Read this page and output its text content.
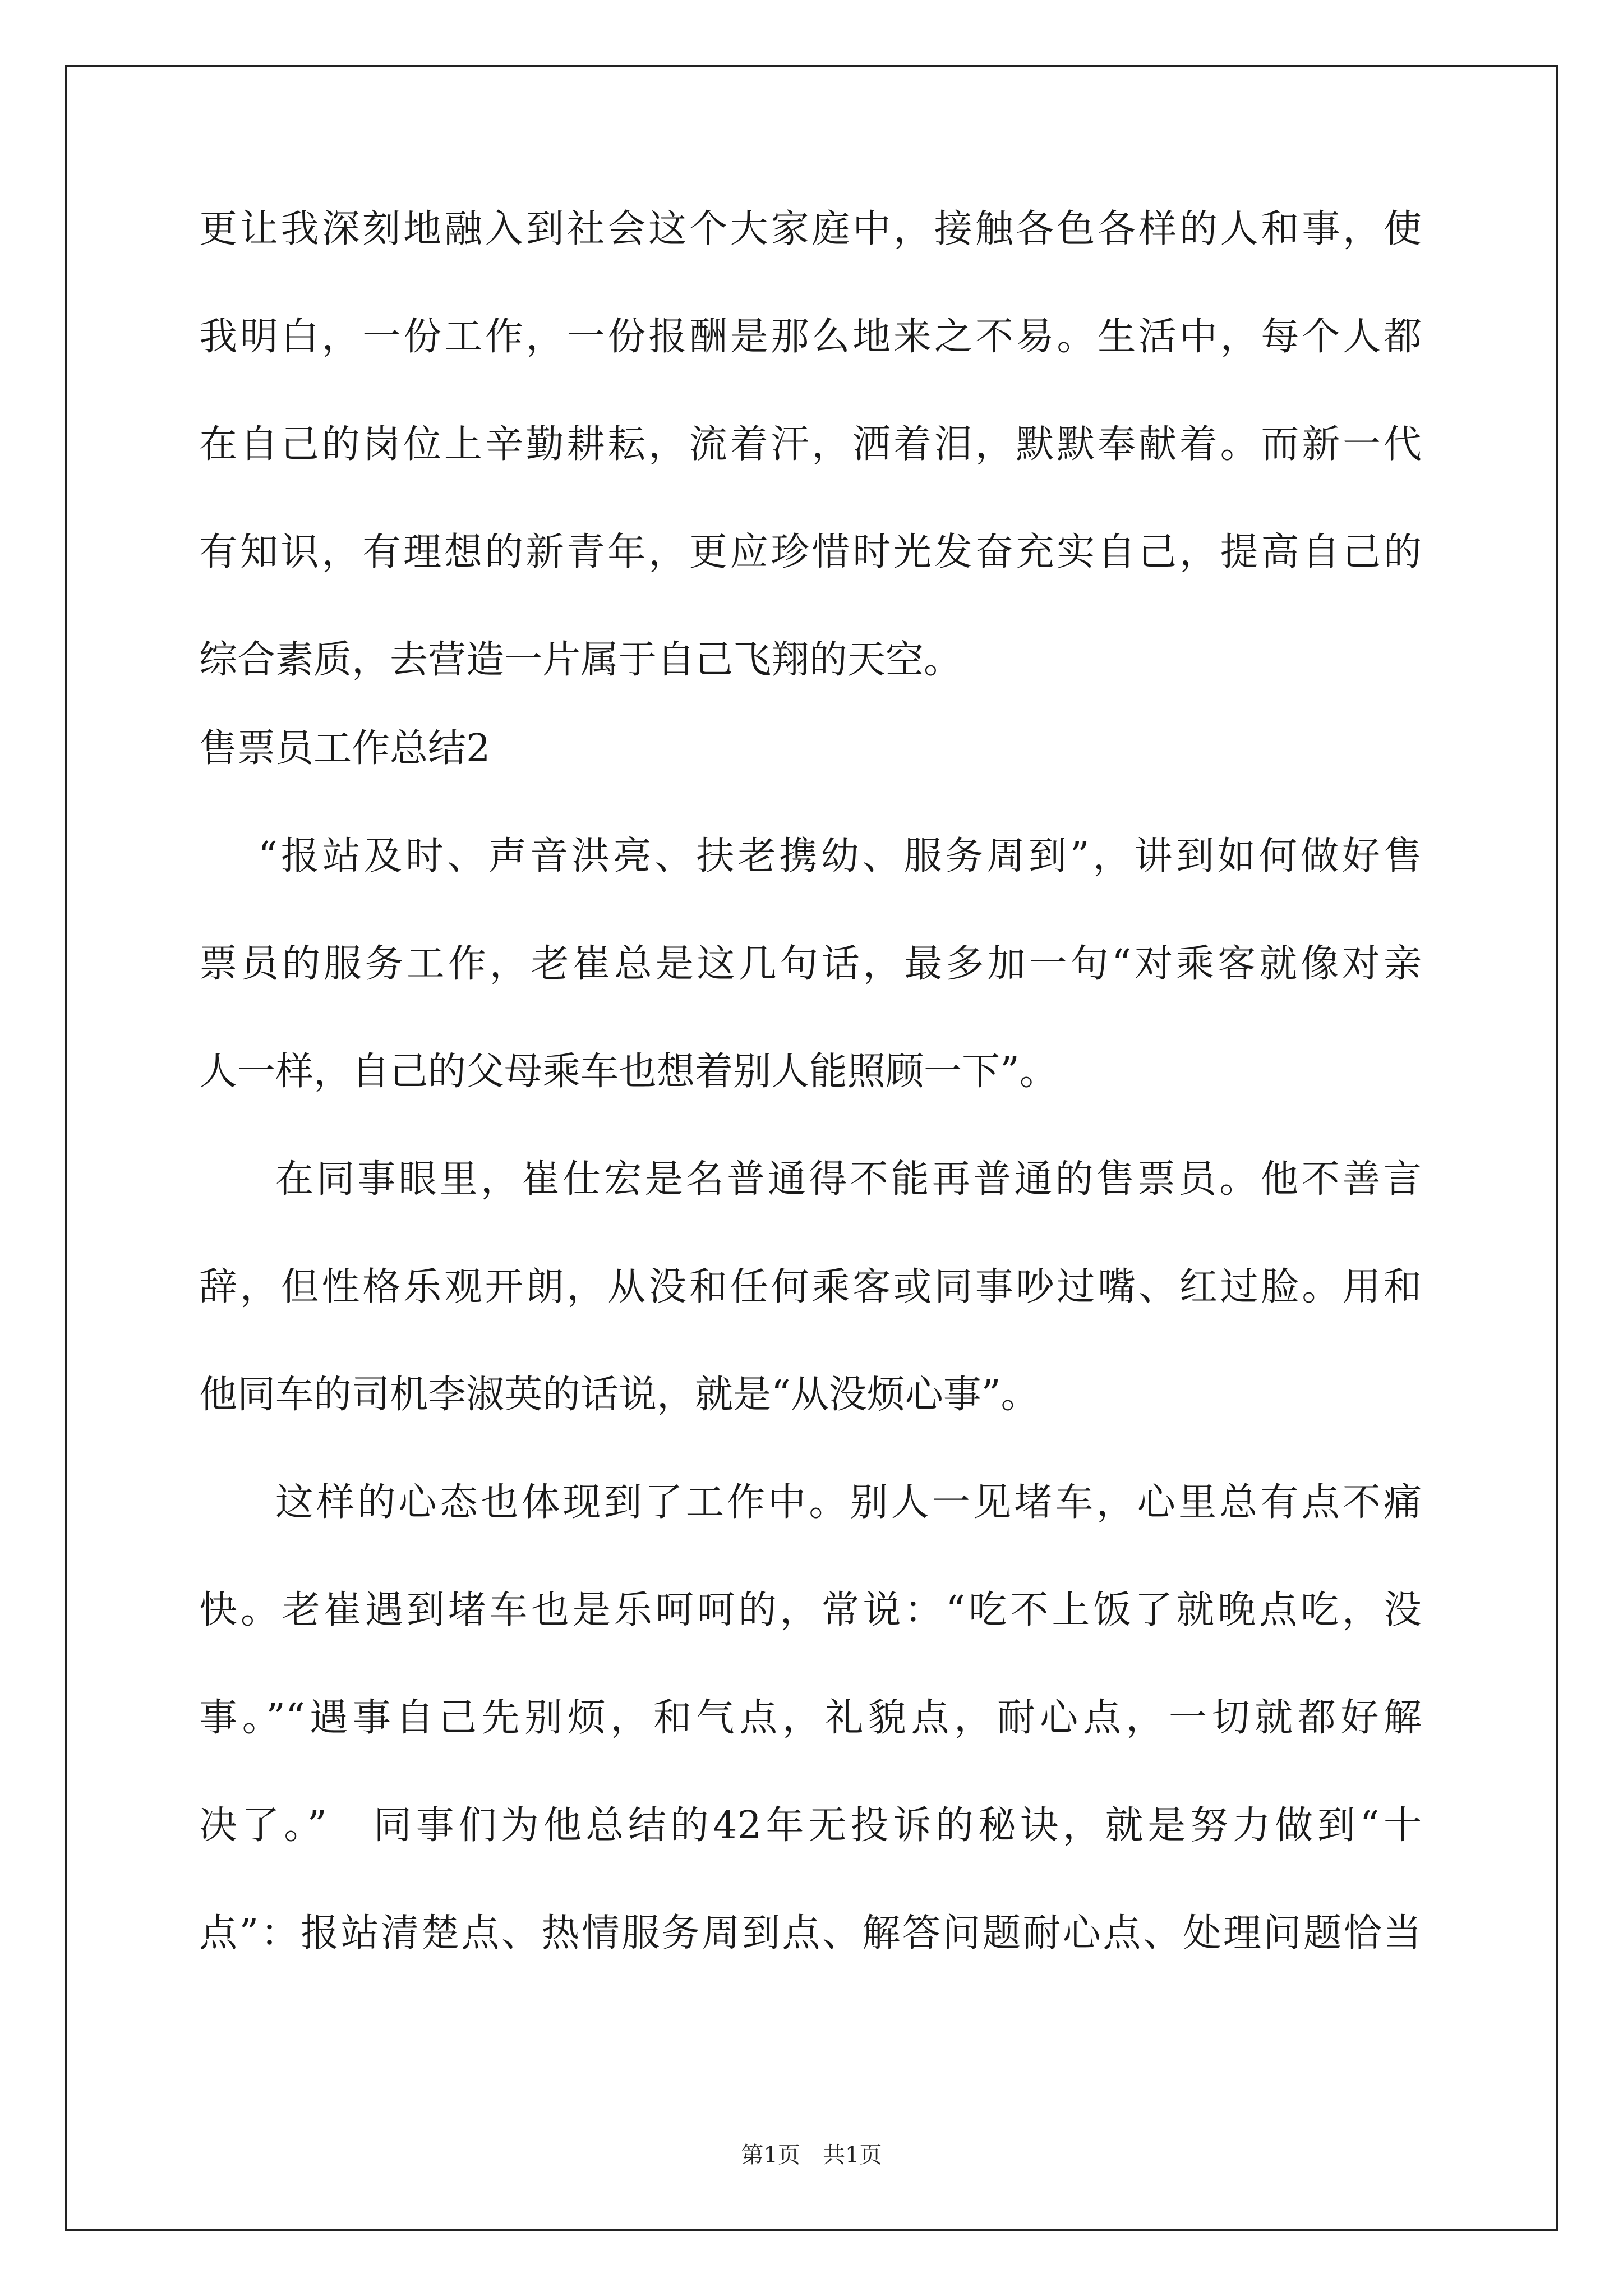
更让我深刻地融入到社会这个大家庭中，接触各色各样的人和事，使

我明白，一份工作，一份报酬是那么地来之不易。生活中，每个人都

在自己的岗位上辛勤耕耘，流着汗，洒着泪，默默奉献着。而新一代

有知识，有理想的新青年，更应珍惜时光发奋充实自己，提高自己的

综合素质，去营造一片属于自己飞翔的天空。

售票员工作总结2

“报站及时、声音洪亮、扶老携幼、服务周到”，讲到如何做好售

票员的服务工作，老崔总是这几句话，最多加一句“对乘客就像对亲

人一样，自己的父母乘车也想着别人能照顾一下”。

在同事眼里，崔仕宏是名普通得不能再普通的售票员。他不善言

辞，但性格乐观开朗，从没和任何乘客或同事吵过嘴、红过脸。用和

他同车的司机李淑英的话说，就是“从没烦心事”。

这样的心态也体现到了工作中。别人一见堵车，心里总有点不痛

快。老崔遇到堵车也是乐呵呵的，常说：“吃不上饭了就晚点吃，没

事。”“遇事自己先别烦，和气点，礼貌点，耐心点，一切就都好解

决了。”　同事们为他总结的42年无投诉的秘诀，就是努力做到“十

点”：报站清楚点、热情服务周到点、解答问题耐心点、处理问题恰当

第1页　共1页
